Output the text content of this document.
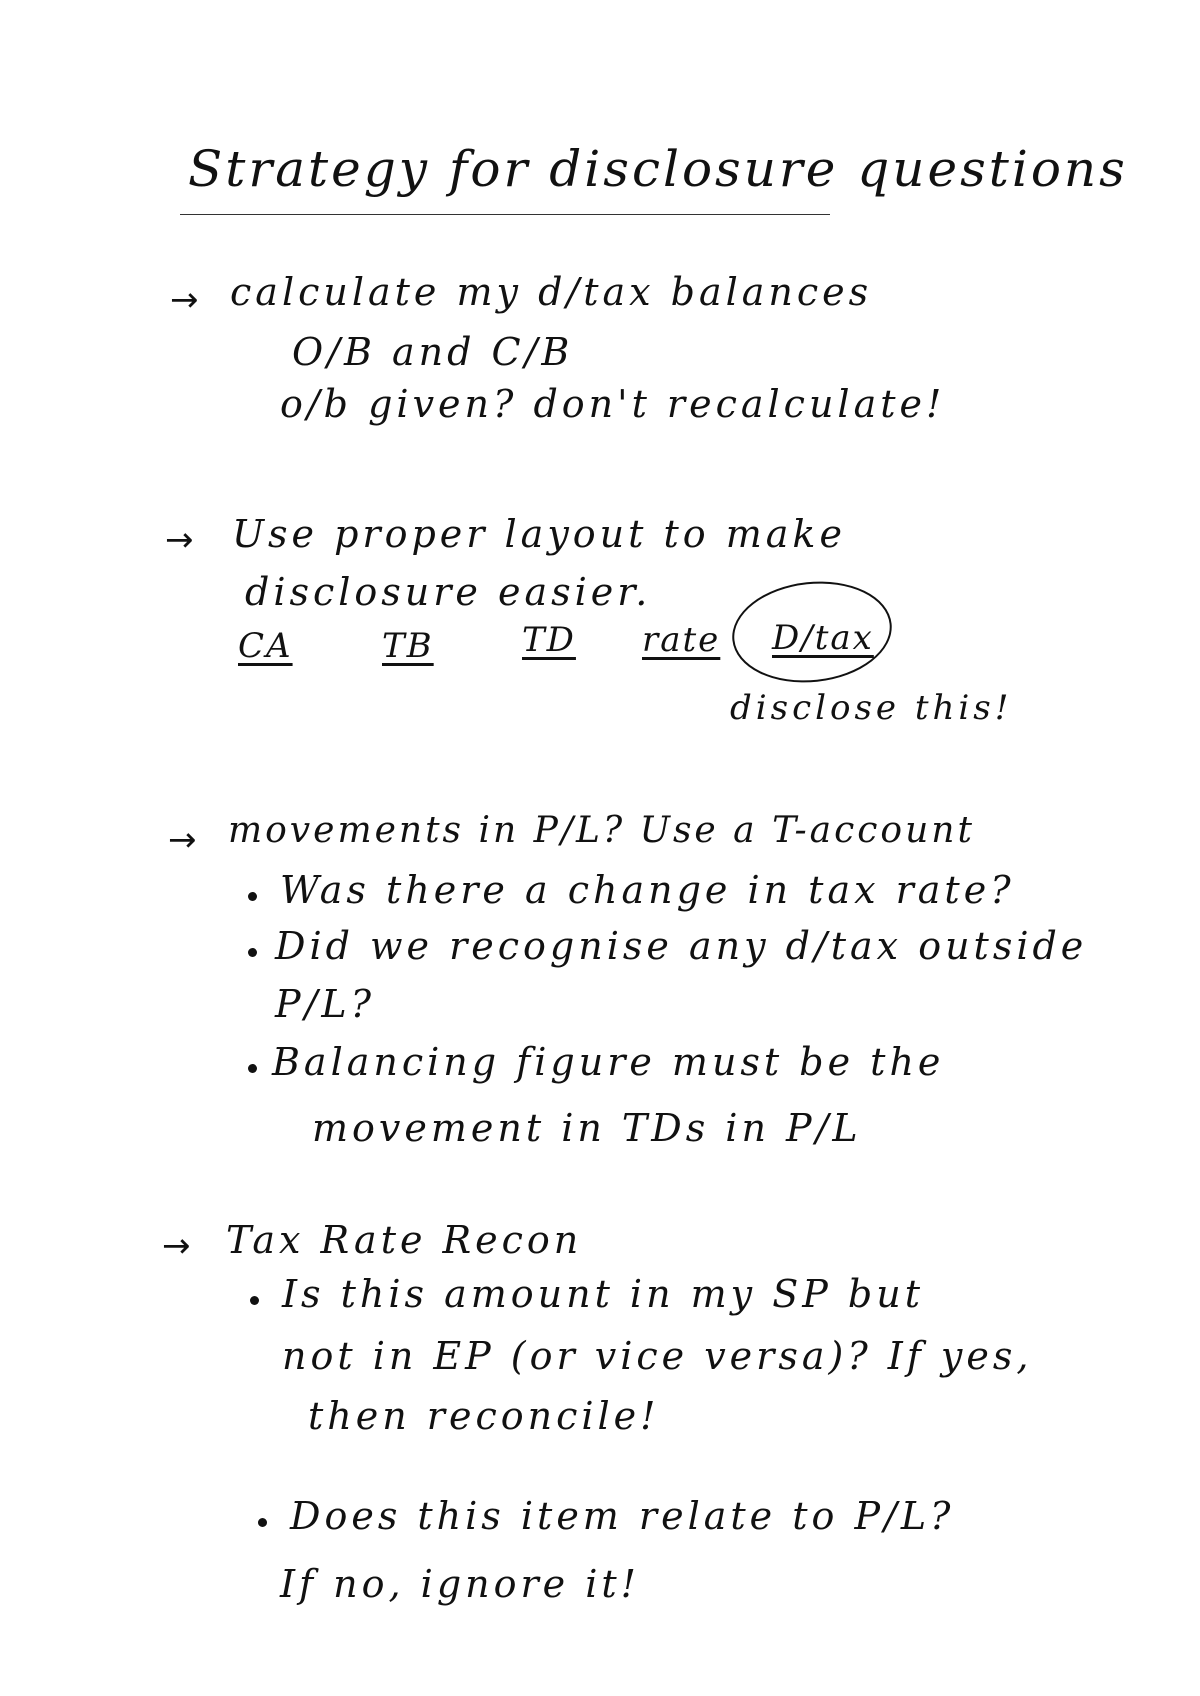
Strategy for disclosure questions
→ calculate my d/tax balances
O/B and C/B
o/b given? don't recalculate!
→ Use proper layout to make
disclosure easier.
CA	TB	TD rate D/tax
disclose this!
→ movements in P/L? Use a T-account
Was there a change in tax rate?
Did we recognise any d/tax outside
P/L?
Balancing figure must be the
movement in TDs in P/L
→ Tax Rate Recon
Is this amount in my SP but
not in EP (or vice versa)? If yes,
then reconcile!
Does this item relate to P/L?
If no, ignore it!
